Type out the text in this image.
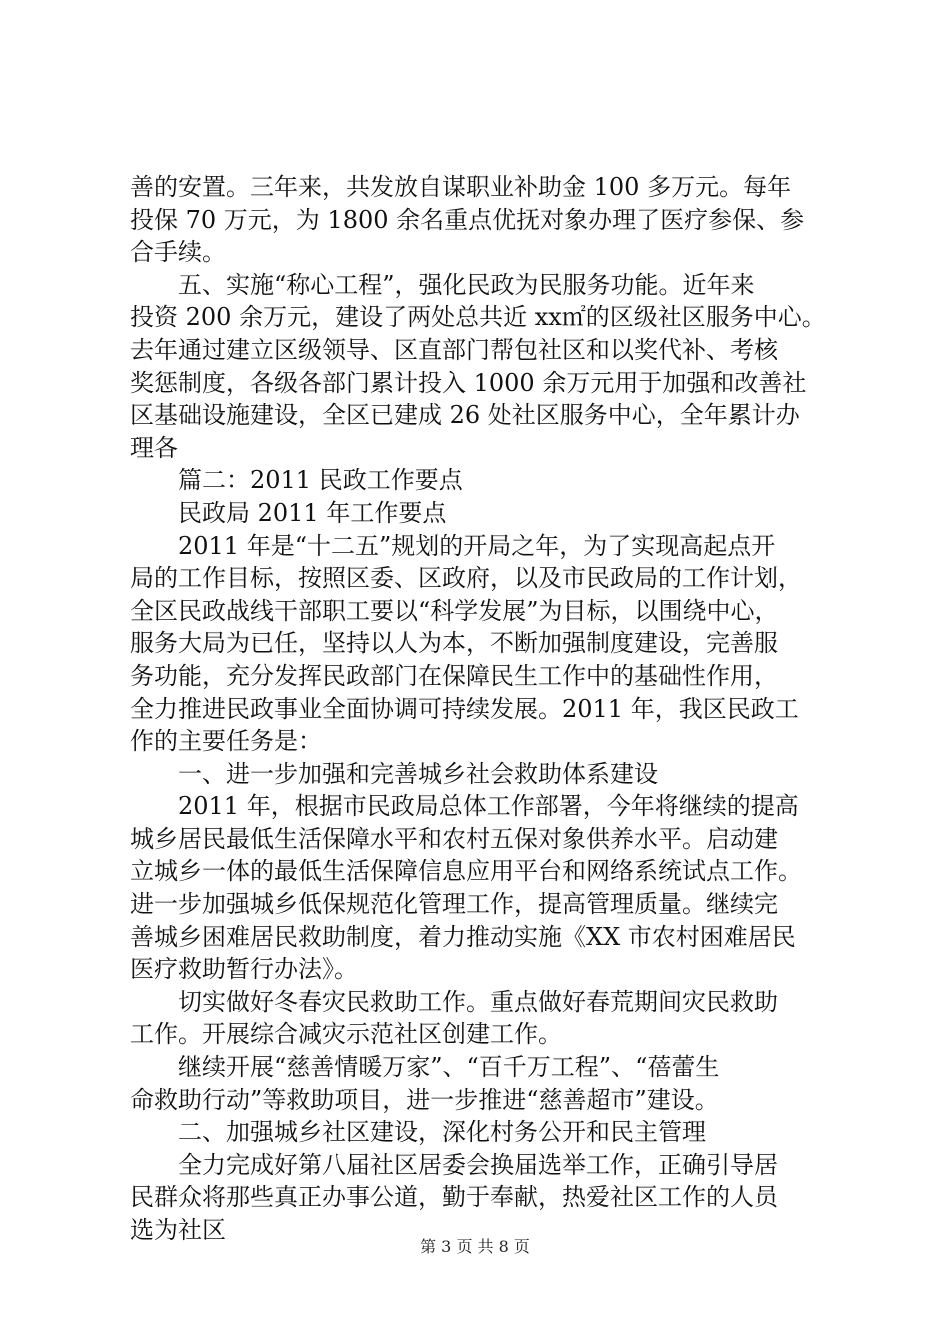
善的安置。三年来，共发放自谋职业补助金 100 多万元。每年
投保 70 万元，为 1800 余名重点优抚对象办理了医疗参保、参
合手续。
　　五、实施“称心工程”，强化民政为民服务功能。近年来
投资 200 余万元，建设了两处总共近 xx㎡的区级社区服务中心。
去年通过建立区级领导、区直部门帮包社区和以奖代补、考核
奖惩制度，各级各部门累计投入 1000 余万元用于加强和改善社
区基础设施建设，全区已建成 26 处社区服务中心，全年累计办
理各
　　篇二：2011 民政工作要点
　　民政局 2011 年工作要点
　　2011 年是“十二五”规划的开局之年，为了实现高起点开
局的工作目标，按照区委、区政府，以及市民政局的工作计划，
全区民政战线干部职工要以“科学发展”为目标，以围绕中心，
服务大局为已任，坚持以人为本，不断加强制度建设，完善服
务功能，充分发挥民政部门在保障民生工作中的基础性作用，
全力推进民政事业全面协调可持续发展。2011 年，我区民政工
作的主要任务是：
　　一、进一步加强和完善城乡社会救助体系建设
　　2011 年，根据市民政局总体工作部署，今年将继续的提高
城乡居民最低生活保障水平和农村五保对象供养水平。启动建
立城乡一体的最低生活保障信息应用平台和网络系统试点工作。
进一步加强城乡低保规范化管理工作，提高管理质量。继续完
善城乡困难居民救助制度，着力推动实施《XX 市农村困难居民
医疗救助暂行办法》。
　　切实做好冬春灾民救助工作。重点做好春荒期间灾民救助
工作。开展综合减灾示范社区创建工作。
　　继续开展“慈善情暖万家”、“百千万工程”、“蓓蕾生
命救助行动”等救助项目，进一步推进“慈善超市”建设。
　　二、加强城乡社区建设，深化村务公开和民主管理
　　全力完成好第八届社区居委会换届选举工作，正确引导居
民群众将那些真正办事公道，勤于奉献，热爱社区工作的人员
选为社区
第 3 页 共 8 页
